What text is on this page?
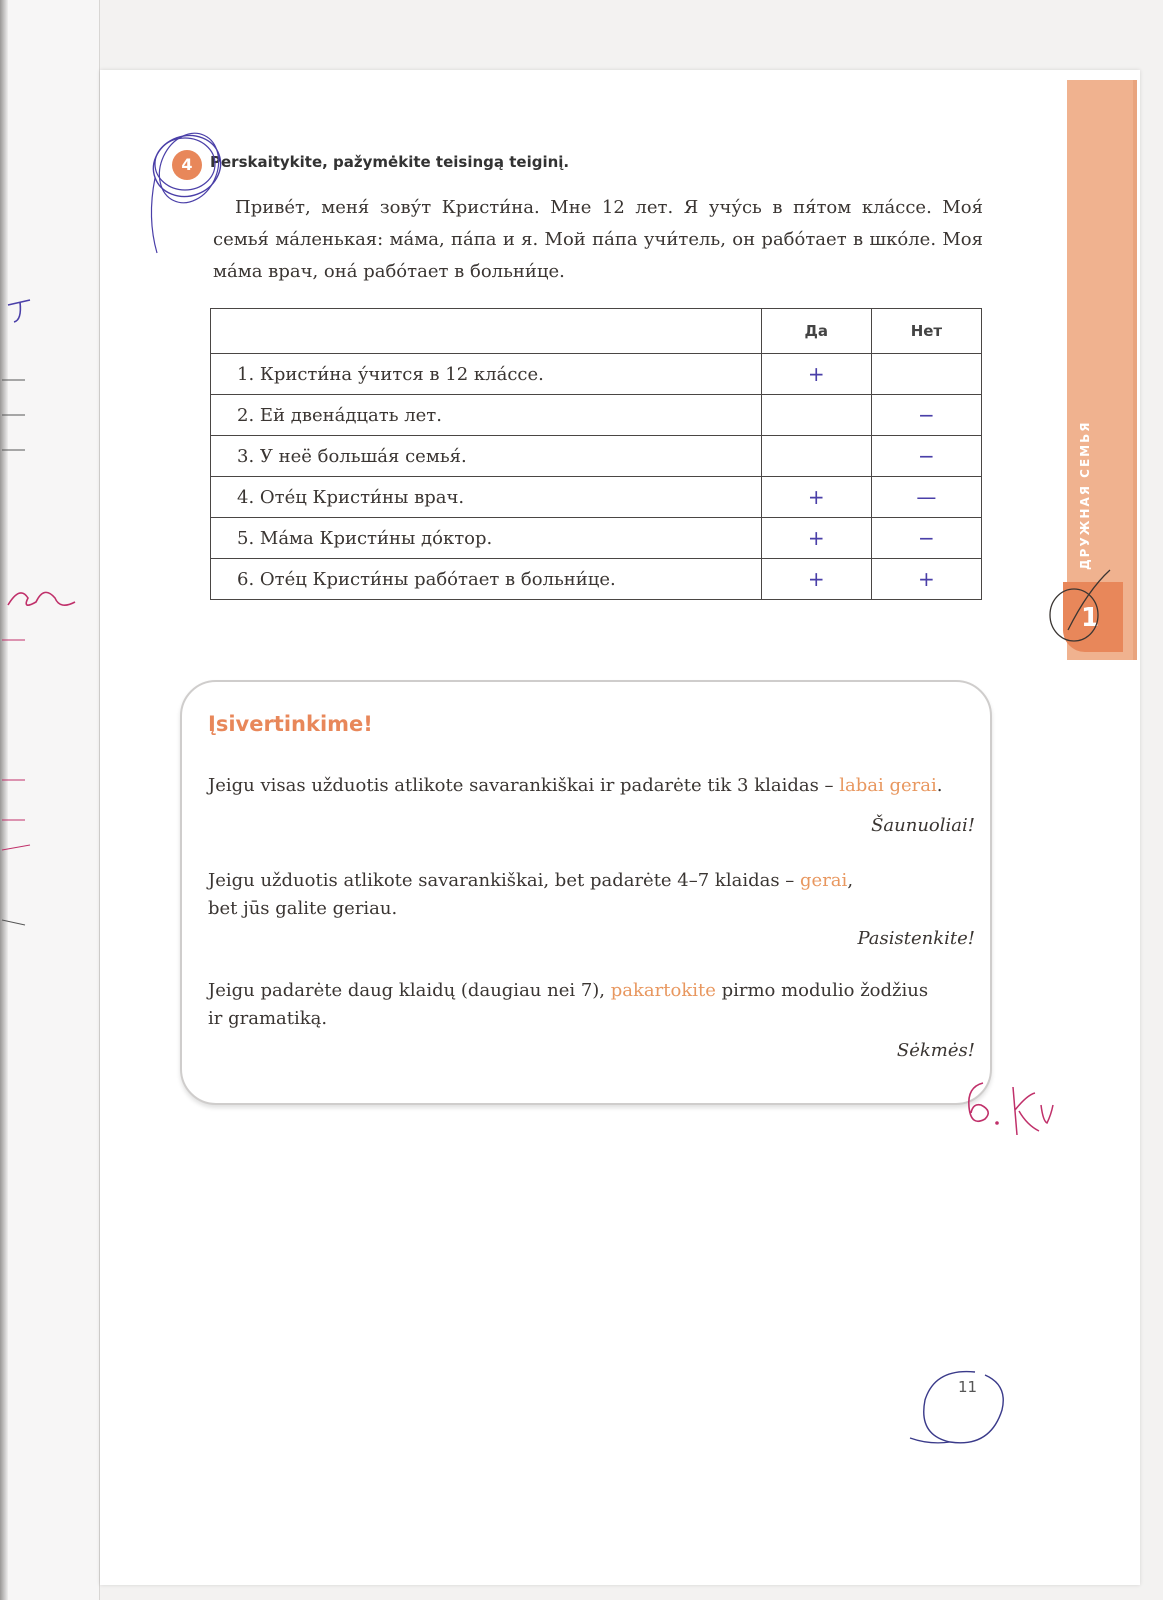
ДРУЖНАЯ СЕМЬЯ
1
4	Perskaitykite, pažymėkite teisingą teiginį.

Приве́т, меня́ зову́т Кристи́на. Мне 12 лет. Я учу́сь в пя́том кла́ссе. Моя́ семья́ ма́ленькая: ма́ма, па́па и я. Мой па́па учи́тель, он рабо́тает в шко́ле. Моя ма́ма врач, она́ рабо́тает в больни́це.

	Да	Нет
1. Кристи́на у́чится в 12 кла́ссе.	+	
2. Ей двена́дцать лет.		−
3. У неё больша́я семья́.		−
4. Оте́ц Кристи́ны врач.	+	—
5. Ма́ма Кристи́ны до́ктор.	+	−
6. Оте́ц Кристи́ны рабо́тает в больни́це.	+	+
Įsivertinkime!
Jeigu visas užduotis atlikote savarankiškai ir padarėte tik 3 klaidas – labai gerai.
Šaunuoliai!
Jeigu užduotis atlikote savarankiškai, bet padarėte 4–7 klaidas – gerai,
bet jūs galite geriau.
Pasistenkite!
Jeigu padarėte daug klaidų (daugiau nei 7), pakartokite pirmo modulio žodžius
ir gramatiką.
Sėkmės!
11
